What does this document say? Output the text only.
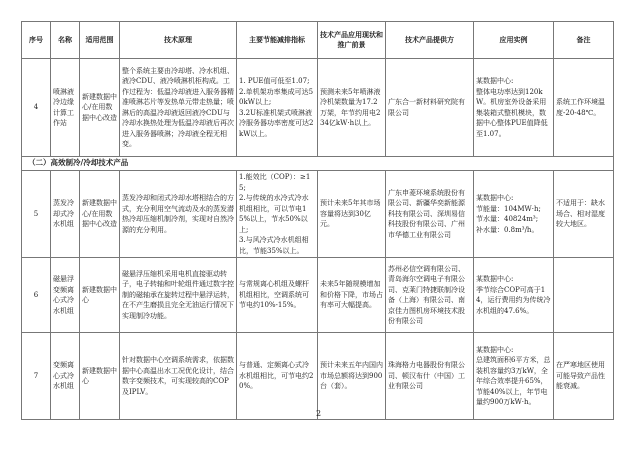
序号	名称	适用范围	技术原理	主要节能减排指标	技术产品应用现状和推广前景	技术产品提供方	应用实例	备注
4	喷淋液冷边缘计算工作站	新建数据中心/在用数据中心改造	整个系统主要由冷却塔、冷水机组、液冷CDU、液冷喷淋机柜构成。工作过程为：低温冷却液进入服务器精准喷淋芯片等发热单元带走热量；喷淋后的高温冷却液返回液冷CDU与冷却水换热处理为低温冷却液后再次进入服务器喷淋；冷却液全程无相变。	1. PUE值可低至1.07;
2.单机架功率集成可达50kW以上;
3.2U标准机架式喷淋液冷服务器功率密度可达2kW以上。	预测未来5年喷淋液冷机架数量为17.2万架，年节约用电234亿kW·h以上。	广东合一新材料研究院有限公司	某数据中心:
整体电功率达到120kW。机房室外设备采用集装箱式整机模块，数据中心整体PUE值降低至1.07。	系统工作环境温度-20-48℃。
（二）高效制冷/冷却技术产品								
5	蒸发冷却式冷水机组	新建数据中心/在用数据中心改造	蒸发冷却和闭式冷却水塔相结合的方式，充分利用空气流动及水的蒸发潜热冷却压缩机制冷剂，实现对自然冷源的充分利用。	1.能效比（COP）：≥15;
2.与传统的水冷式冷水机组相比，可以节电15%以上，节水50%以上;
3.与风冷式冷水机组相比，节能35%以上。	预计未来5年其市场容量将达到30亿元。	广东申菱环境系统股份有限公司、新疆华奕新能源科技有限公司、深圳易信科技股份有限公司、广州市华德工业有限公司	某数据中心:
节能量：104MW·h;
节水量：40824m³;
补水量：0.8m³/h。	不适用于：缺水场合、相对湿度较大地区。
6	磁悬浮变频离心式冷水机组	新建数据中心	磁悬浮压缩机采用电机直接驱动转子，电子转轴和叶轮组件通过数字控制的磁轴承在旋转过程中悬浮运转，在不产生磨损且完全无油运行情况下实现制冷功能。	与常规离心机组及螺杆机组相比，空调系统可节电约10%-15%。	未来5年随规模增加和价格下降，市场占有率可大幅提高。	苏州必信空调有限公司、青岛海尔空调电子有限公司、克莱门特捷联制冷设备（上海）有限公司、南京佳力图机房环境技术股份有限公司	某数据中心:
季节综合COP可高于14，运行费用约为传统冷水机组的47.6%。	
7	变频离心式冷水机组	新建数据中心	针对数据中心空调系统需求，依据数据中心高温出水工况优化设计，结合数字变频技术，可实现较高的COP及IPLV。	与普通、定频离心式冷水机组相比，可节电约20%。	预计未来五年内国内市场总额将达到900台（套）。	珠海格力电器股份有限公司、顿汉布什（中国）工业有限公司	某数据中心:
总建筑面积6平方米，总装机容量约3万kW，全年综合效率提升65%，节能40%以上，年节电量约900万kW·h。	在严寒地区使用可能导致产品性能衰减。
2
